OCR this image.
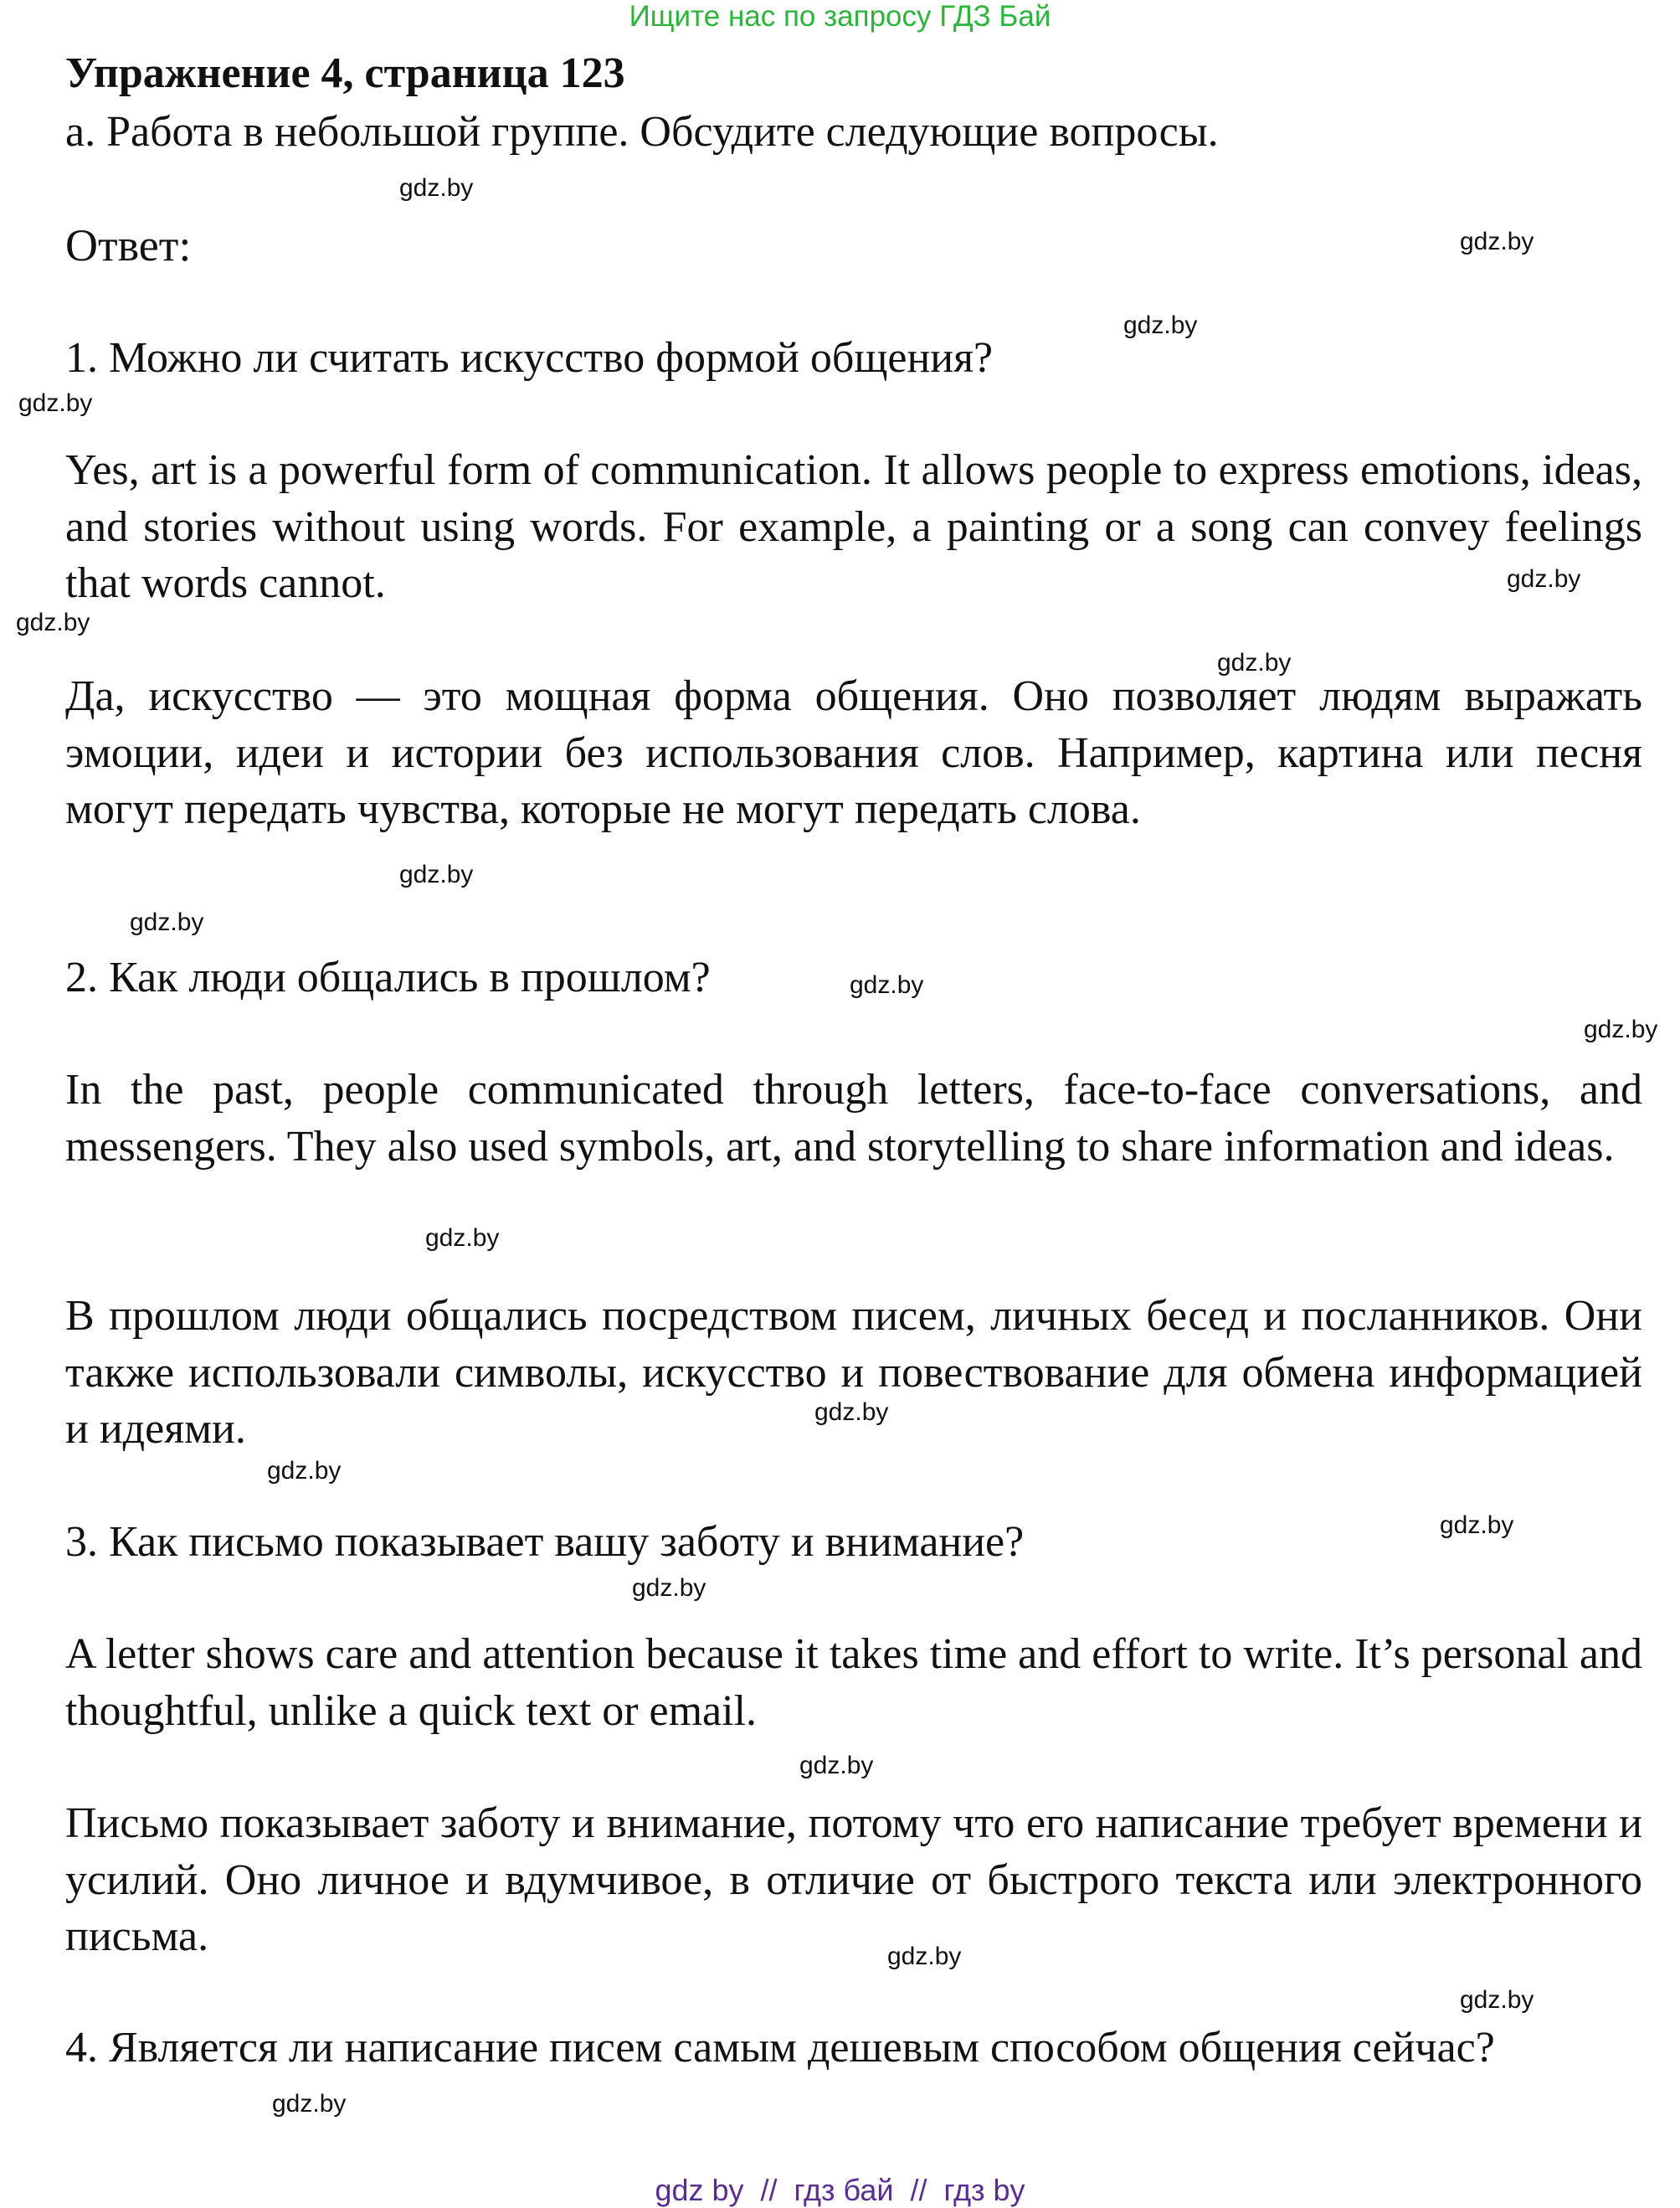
Ищите нас по запросу ГДЗ Бай
Упражнение 4, страница 123
а. Работа в небольшой группе. Обсудите следующие вопросы.
Ответ:
1. Можно ли считать искусство формой общения?
Yes, art is a powerful form of communication. It allows people to express emotions, ideas, and stories without using words. For example, a painting or a song can convey feelings that words cannot.
Да, искусство — это мощная форма общения. Оно позволяет людям выражать эмоции, идеи и истории без использования слов. Например, картина или песня могут передать чувства, которые не могут передать слова.
2. Как люди общались в прошлом?
In the past, people communicated through letters, face-to-face conversations, and messengers. They also used symbols, art, and storytelling to share information and ideas.
В прошлом люди общались посредством писем, личных бесед и посланников. Они также использовали символы, искусство и повествование для обмена информацией и идеями.
3. Как письмо показывает вашу заботу и внимание?
A letter shows care and attention because it takes time and effort to write. It’s personal and thoughtful, unlike a quick text or email.
Письмо показывает заботу и внимание, потому что его написание требует времени и усилий. Оно личное и вдумчивое, в отличие от быстрого текста или электронного письма.
4. Является ли написание писем самым дешевым способом общения сейчас?
gdz.by
gdz.by
gdz.by
gdz.by
gdz.by
gdz.by
gdz.by
gdz.by
gdz.by
gdz.by
gdz.by
gdz.by
gdz.by
gdz.by
gdz.by
gdz.by
gdz.by
gdz.by
gdz.by
gdz.by
gdz by  //  гдз бай  //  гдз by
